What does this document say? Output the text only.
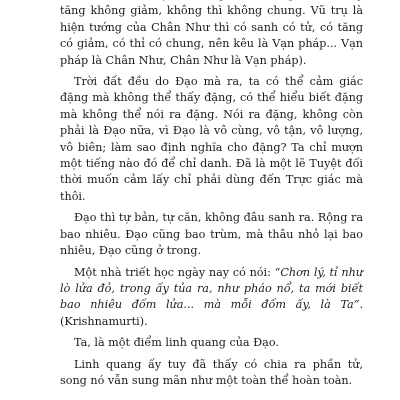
tăng không giảm, không thì không chung. Vũ trụ là hiện tướng của Chân Như thì có sanh có tử, có tăng có giảm, có thỉ có chung, nên kêu là Vạn pháp... Vạn pháp là Chân Như, Chân Như là Vạn pháp).

Trời đất đều do Đạo mà ra, ta có thể cảm giác đặng mà không thể thấy đặng, có thể hiểu biết đặng mà không thể nói ra đặng. Nói ra đặng, không còn phải là Đạo nữa, vì Đạo là vô cùng, vô tận, vô lượng, vô biên; làm sao định nghĩa cho đặng? Ta chỉ mượn một tiếng nào đó để chỉ danh. Đã là một lẽ Tuyệt đối thời muốn cảm lấy chỉ phải dùng đến Trực giác mà thôi.

Đạo thì tự bản, tự căn, không đâu sanh ra. Rộng ra bao nhiêu. Đạo cũng bao trùm, mà thâu nhỏ lại bao nhiêu, Đạo cũng ở trong.

Một nhà triết học ngày nay có nói: “Chơn lý, tỉ như lò lửa đỏ, trong ấy tủa ra, như pháo nổ, ta mới biết bao nhiêu đốm lửa... mà mỗi đốm ấy, là Ta”. (Krishnamurti).

Ta, là một điểm linh quang của Đạo.

Linh quang ấy tuy đã thấy có chia ra phần tử, song nó vẫn sung mãn như một toàn thể hoàn toàn.
